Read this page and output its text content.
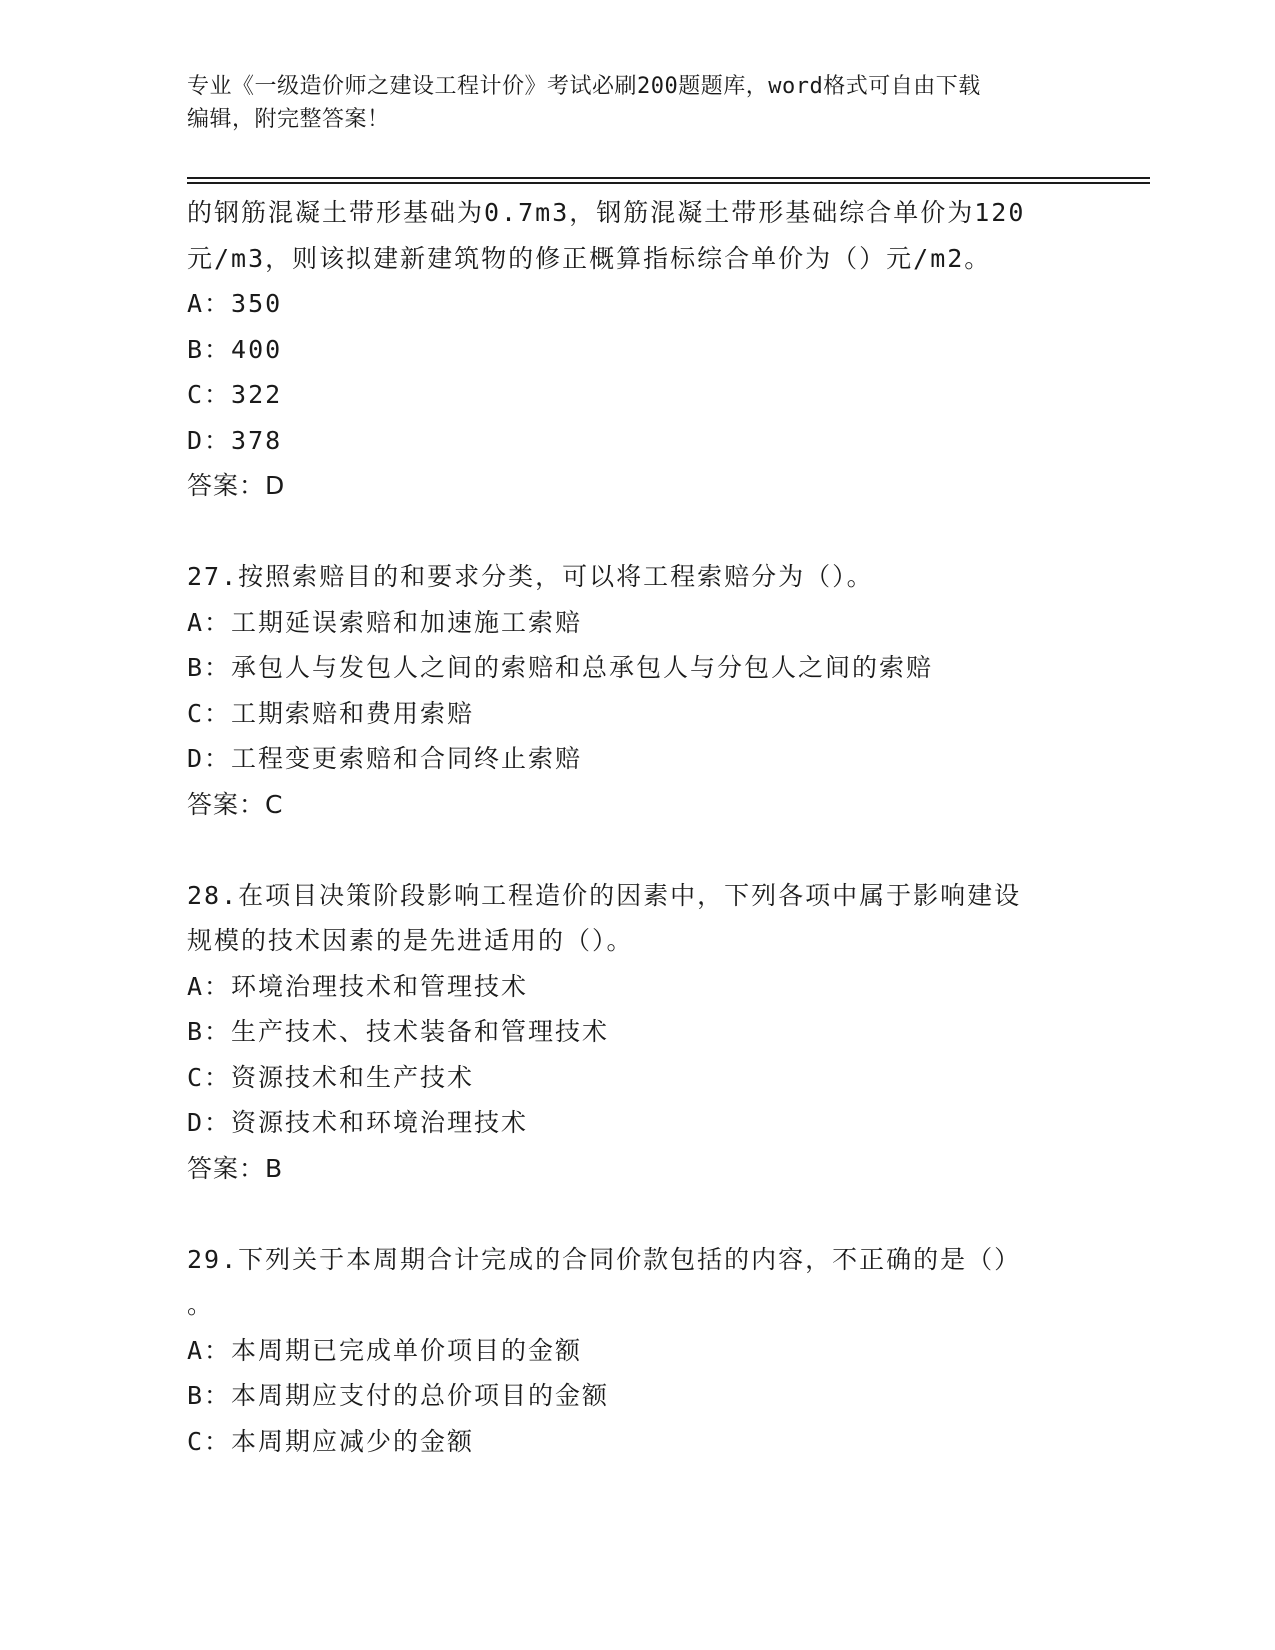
专业《一级造价师之建设工程计价》考试必刷200题题库，word格式可自由下载
编辑，附完整答案！
的钢筋混凝土带形基础为0.7m3，钢筋混凝土带形基础综合单价为120
元/m3，则该拟建新建筑物的修正概算指标综合单价为（）元/m2。
A：350
B：400
C：322
D：378
答案：D
27.按照索赔目的和要求分类，可以将工程索赔分为（）。
A：工期延误索赔和加速施工索赔
B：承包人与发包人之间的索赔和总承包人与分包人之间的索赔
C：工期索赔和费用索赔
D：工程变更索赔和合同终止索赔
答案：C
28.在项目决策阶段影响工程造价的因素中，下列各项中属于影响建设
规模的技术因素的是先进适用的（）。
A：环境治理技术和管理技术
B：生产技术、技术装备和管理技术
C：资源技术和生产技术
D：资源技术和环境治理技术
答案：B
29.下列关于本周期合计完成的合同价款包括的内容，不正确的是（）
。
A：本周期已完成单价项目的金额
B：本周期应支付的总价项目的金额
C：本周期应减少的金额
